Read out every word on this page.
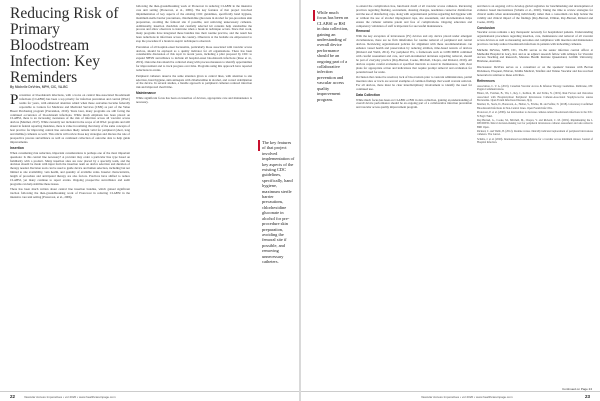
Reducing Risk of Primary Bloodstream Infection: Key Reminders
By Michelle DeVries, MPH, CIC, VA-BC

Prevention of bloodstream infections, with a focus on central line-associated bloodstream infections (CLABSI) has been a top priority for infection prevention and control (IPAC) teams for years, with enhanced attention added when these outcomes became federally reportable to Centers for Medicare and Medicaid Services (CMS) as part of the Value Based Purchasing program (Prevention, 2019). Years later, many programs are still facing the continued occurrence of bloodstream infections. While much emphasis has been placed on CLABSI, there is an increasing awareness of the risk of infection across all vascular access devices (Marmel, 2017). While currently not included in the scope of all IPAC programs and still absent in federal reporting mandates, there is value in realizing that many of the same concepts of best practice for improving central line outcomes likely remain valid for peripheral (short, long and midline) catheters as well. This article will review those key strategies and discuss the role of prospective process surveillance as well as continued collection of outcome data to help guide improvements.

Insertion

When considering risk reduction, important considerations is perhaps one of the most important questions: Is this central line necessary? A provider may order a particular line type based on familiarity with a product. Many insertion sites are now placed by a specialty team, and the decision should be made with input from the insertion team on device selection and duration of therapy needed. Decision tools can be used to guide device and lumen selection, including but not limited to site availability, vein health, and quantity of available veins. Inserter characteristics, length of procedure and anticipated therapy are also factors. Practices have shifted to reduce CLABSI, yet many continue to report events. Ongoing prospective surveillance and audit programs can help stabilize these issues.

There has been much written about central line insertion bundles, which gained significant traction following the then-groundbreaking work of Pronovost in reducing CLABSI in the intensive care unit setting (Pronovost, et al., 2006).

following the then-groundbreaking work of Pronovost in reducing CLABSI in the intensive care unit setting (Pronovost, et al., 2006). The key features of that project involved implementation of key aspects of the existing CDC guidelines, specifically hand hygiene, maximum sterile barrier precautions, chlorhexidine gluconate in alcohol for pre-procedure skin preparation, avoiding the femoral site if possible, and removing unnecessary catheters. Additionally, insertion checklists and carefully selected kit contents help standardize the process and allow observers to intervene when a break in technique occurs. Since that work, many programs have integrated these bundles into their routine practice, and the result has been reductions in infections across the country. Observers at the bedside are empowered to stop the procedure if a break in aseptic technique is observed.

Prevention of all hospital-onset bacteremia, particularly those associated with vascular access devices, should be explored as a quality indicator for all organizations. There has been considerable discussion of this topic in recent years, including a pilot proposal by CDC to expand NHSN surveillance to include all hospital-onset bloodstream infections (Rose et al., 2019). Outcome data should be collected along with process measures to identify opportunities for improvement and to track progress over time. Programs using this approach have reported reductions in events.

Peripheral catheters deserve the same attention given to central lines, with attention to site selection, hand hygiene, skin antisepsis with chlorhexidine in alcohol, and correct stabilization of the device. In several studies, a bundle approach to peripheral catheters reduced infection risk and improved dwell time.

Maintenance

While significant focus has been on insertion of devices, appropriate care and maintenance is necessary.

The key features of that project involved implementation of key aspects of the existing CDC guidelines, specifically, hand hygiene, maximum sterile barrier precautions, chlorhexidine gluconate in alcohol for pre-procedure skin preparation, avoiding the femoral site if possible, and removing unnecessary catheters.
22	Vascular Access Imperatives • vol 2020 • www.healthcareinpage.com
While much focus has been on CLABSI or BSI in data collection, gaining an understanding of overall device performance should be an ongoing part of a collaborative infection prevention and vascular access quality improvement program.

to extend the complication free, functional dwell of all vascular access catheters. Reviewing practices regarding flushing, securement, dressing changes, needleless connector disinfection and the use of disinfecting caps, along with organizational policies regarding hub hygiene with or without the use of alcohol impregnated caps, site assessment, and documentation helps ensure the catheter remains patent and free of complications. Ongoing education and competency validation of staff is important for successful maintenance.

Removal

With the key exception of intravenous (IV) devices and any device placed under emergent circumstances, there are no firm timeframes for routine removal of peripheral and central devices. Reviewing organizational policies for alignment with these recommendations can enhance vessel health and preservation by reducing attrition, time-based restarts of devices (Rickard and Webb, 2012). For peripheral IVs, a framework such as I-DECIDED combined with careful assessment and care, and well-documented decisions regarding removal, should be part of everyday practice (Ray-Barruel, Cooke, Mitchell, Chopra, and Rickard, 2019). All devices require careful evaluation at specified intervals as noted in maintenance, with clear plans for appropriate action and indications that require prompt removal and evaluation for potential need for resite.

Occlusion that cannot be resolved, lack of blood return prior to vesicant administration, partial insertion sites or tracts are several examples of common findings that would warrant removal. For all devices, there must be clear interdisciplinary involvement to identify the need for continued use.

Data Collection

While much focus has been on CLABSI or BSI in data collection, gaining an understanding of overall device performance should be an ongoing part of a collaborative infection prevention and vascular access quality improvement program.

and then is an ongoing call to develop global registries for benchmarking and development of evidence based interventions (Schults et al., 2020). Taking the time to review strategies for clinical audits when understanding individually rather than a consortium can help bolster the validity and clinical impact of the findings (Ray-Barruel, Ullman, Ray-Barruel, Rickard and Cooke, 2018).

Conclusion

Vascular access remains a key therapeutic necessity for hospitalized patients. Understanding organizational procedures regarding insertion, care, maintenance and removal of all vascular access devices as well as measuring outcomes and compliance with insertion and maintenance practices can help reduce bloodstream infections in patients with indwelling catheters.

Michelle DeVries, MPH, CIC, VA-BC serves as the senior infection control officer at Methodist Hospital in Gary, Ind. and as an adjunct research fellow with Alliance for Vascular Access Teaching and Research, Menzies Health Institute Queensland, Griffith University, Brisbane, Australia.

Disclosures: DeVries serves as a consultant or on the speakers' bureaus with Becton Dickinson, Eloquest, Ethicon, Smiths Medical, Teleflex and Velano Vascular and has received honoraria in relation to these activities.

References

Association, C. V. A. (2019). Canadian Vascular Access & Infusion Therapy Guidelines. Pembroke, ON: Pappin Communications.

Blauw, M., Foxman, B., Wu, J., Rey, J., Kollisat, M. and Sichia, N. (2019). Risk Factors and Outcomes Associated with Hospital-Onset Peripheral Intravenous Catheter-Associated Staphylococcus aureus Bacteremia. Open Forum Infectious Diseases, 6(4).

Marmel, D., Steck, D., Bonacorsi, A., Harber, S., Frisbie, M. and Safdar, N. (2018). Laboratory-Confirmed Bloodstream Infections in Non-Central Lines. Open Forum Infect Dis.

Pronovost, P. et al. (2006). An intervention to decrease catheter-related bloodstream infections in the ICU. N Engl J Med.

Ray-Barruel, G., Cooke, M., Mitchell, M., Chopra, V. and Rickard, C. M. (2019). Implementing the I-DECIDED clinical decision-making tool for peripheral intravenous catheter assessment and safe removal. BMJ Open.

Rickard, C. and Webb, B. (2012). Routine versus clinically indicated replacement of peripheral intravenous catheters. The Lancet.

Schults, J. et al. (2020). International recommendations for a vascular access minimum dataset. Journal of Hospital Infection.

Continued on Page 24
Vascular Access Imperatives • vol 2020 • www.healthcareinpage.com	23
